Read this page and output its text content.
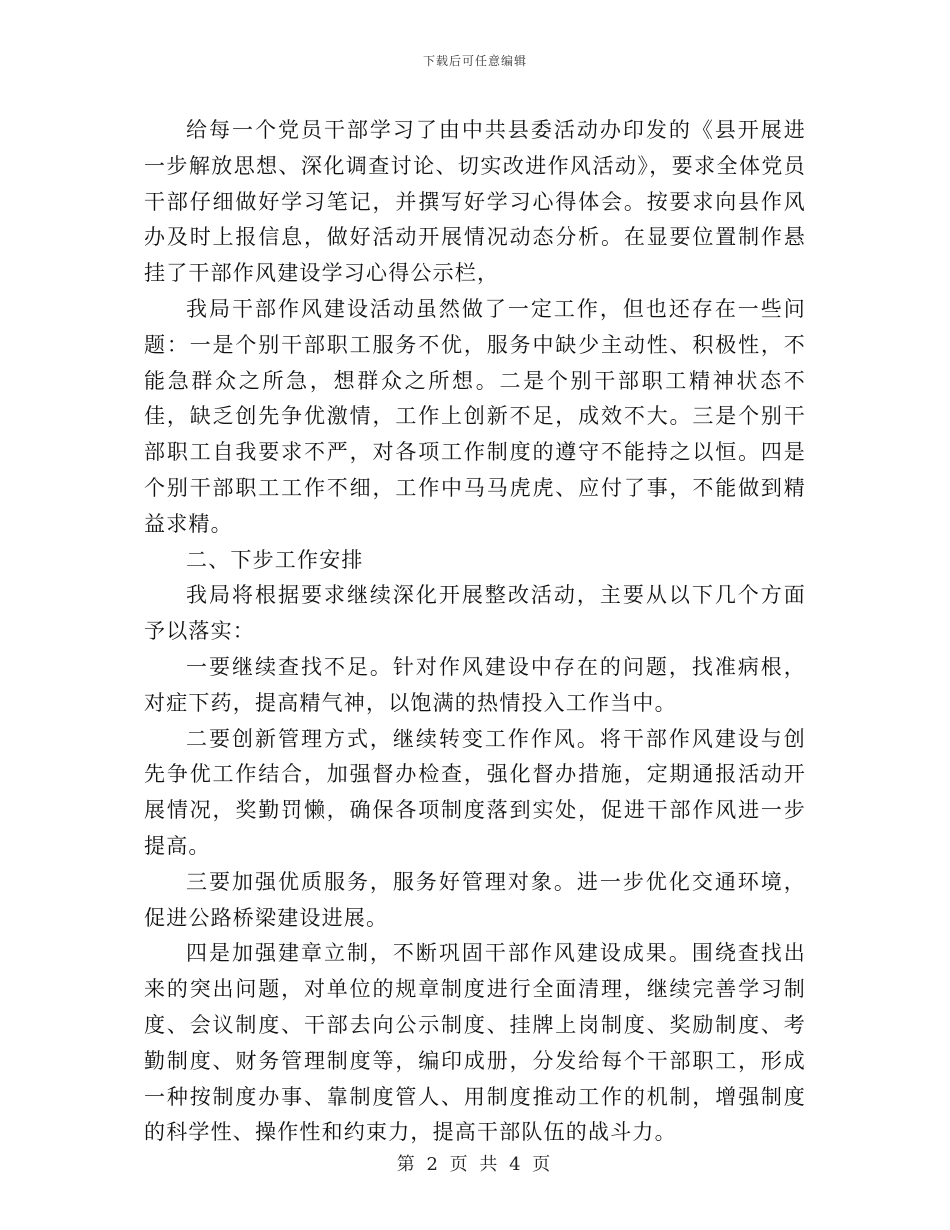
下载后可任意编辑

给每一个党员干部学习了由中共县委活动办印发的《县开展进一步解放思想、深化调查讨论、切实改进作风活动》，要求全体党员干部仔细做好学习笔记，并撰写好学习心得体会。按要求向县作风办及时上报信息，做好活动开展情况动态分析。在显要位置制作悬挂了干部作风建设学习心得公示栏，

我局干部作风建设活动虽然做了一定工作，但也还存在一些问题：一是个别干部职工服务不优，服务中缺少主动性、积极性，不能急群众之所急，想群众之所想。二是个别干部职工精神状态不佳，缺乏创先争优激情，工作上创新不足，成效不大。三是个别干部职工自我要求不严，对各项工作制度的遵守不能持之以恒。四是个别干部职工工作不细，工作中马马虎虎、应付了事，不能做到精益求精。

二、下步工作安排

我局将根据要求继续深化开展整改活动，主要从以下几个方面予以落实：

一要继续查找不足。针对作风建设中存在的问题，找准病根，对症下药，提高精气神，以饱满的热情投入工作当中。

二要创新管理方式，继续转变工作作风。将干部作风建设与创先争优工作结合，加强督办检查，强化督办措施，定期通报活动开展情况，奖勤罚懒，确保各项制度落到实处，促进干部作风进一步提高。

三要加强优质服务，服务好管理对象。进一步优化交通环境，促进公路桥梁建设进展。

四是加强建章立制，不断巩固干部作风建设成果。围绕查找出来的突出问题，对单位的规章制度进行全面清理，继续完善学习制度、会议制度、干部去向公示制度、挂牌上岗制度、奖励制度、考勤制度、财务管理制度等，编印成册，分发给每个干部职工，形成一种按制度办事、靠制度管人、用制度推动工作的机制，增强制度的科学性、操作性和约束力，提高干部队伍的战斗力。

第 2 页 共 4 页
